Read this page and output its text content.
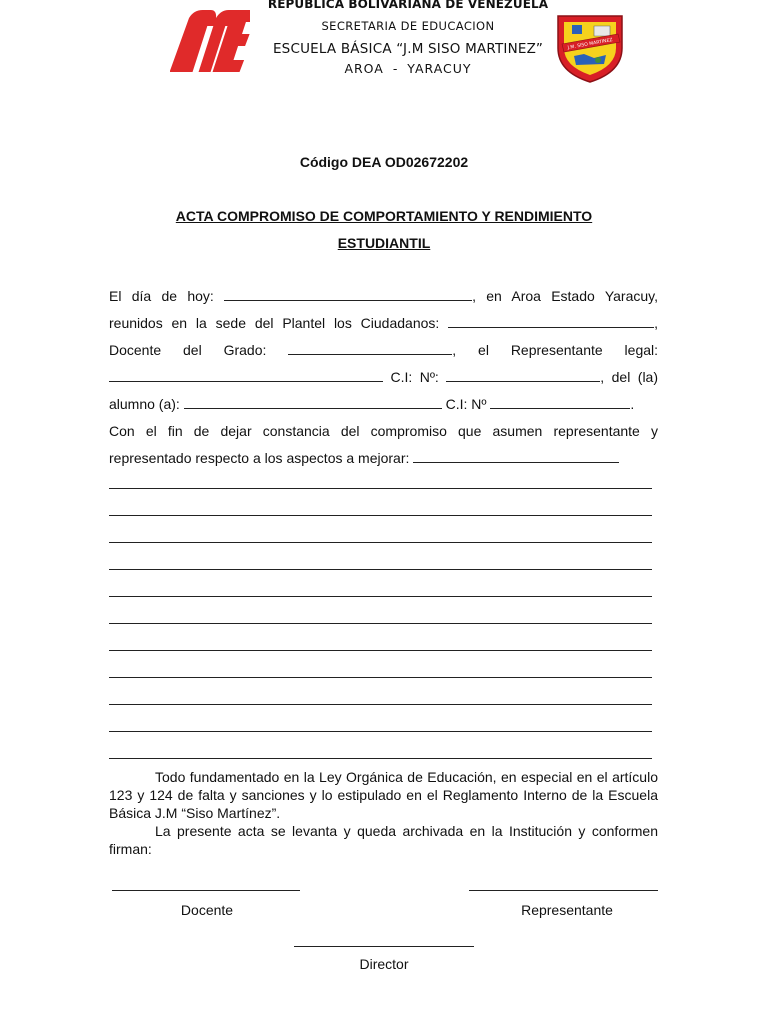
ME
REPUBLICA BOLIVARIANA DE VENEZUELA
SECRETARIA DE EDUCACION
ESCUELA BÁSICA “J.M SISO MARTINEZ”
AROA - YARACUY
J.M. SISO MARTINEZ
Código DEA OD02672202
ACTA COMPROMISO DE COMPORTAMIENTO Y RENDIMIENTO
ESTUDIANTIL
El día de hoy:	, en Aroa Estado Yaracuy,
reunidos en la sede del Plantel los Ciudadanos:	,
Docente del Grado:	, el Representante legal:
C.I: Nº:	, del (la)
alumno (a):	C.I: Nº	.
Con el fin de dejar constancia del compromiso que asumen representante y
representado respecto a los aspectos a mejorar:
Todo fundamentado en la Ley Orgánica de Educación, en especial en el artículo 123 y 124 de falta y sanciones y lo estipulado en el Reglamento Interno de la Escuela Básica J.M “Siso Martínez”.
La presente acta se levanta y queda archivada en la Institución y conformen firman:
Docente	Representante
Director
